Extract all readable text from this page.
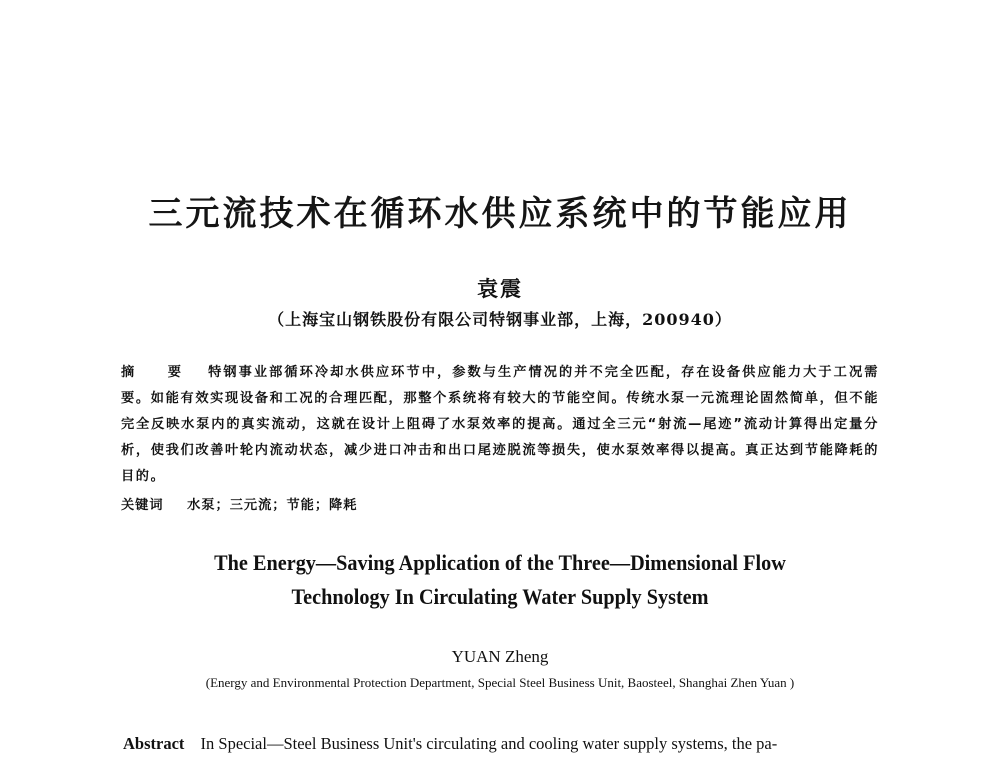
三元流技术在循环水供应系统中的节能应用
袁震
（上海宝山钢铁股份有限公司特钢事业部，上海，200940）
摘 要 特钢事业部循环冷却水供应环节中，参数与生产情况的并不完全匹配，存在设备供应能力大于工况需要。如能有效实现设备和工况的合理匹配，那整个系统将有较大的节能空间。传统水泵一元流理论固然简单，但不能完全反映水泵内的真实流动，这就在设计上阻碍了水泵效率的提高。通过全三元“射流—尾迹”流动计算得出定量分析，使我们改善叶轮内流动状态，减少进口冲击和出口尾迹脱流等损失，使水泵效率得以提高。真正达到节能降耗的目的。
关键词 水泵；三元流；节能；降耗
The Energy—Saving Application of the Three—Dimensional Flow
Technology In Circulating Water Supply System
YUAN Zheng
(Energy and Environmental Protection Department, Special Steel Business Unit, Baosteel, Shanghai Zhen Yuan )
Abstract In Special—Steel Business Unit's circulating and cooling water supply systems, the pa-
